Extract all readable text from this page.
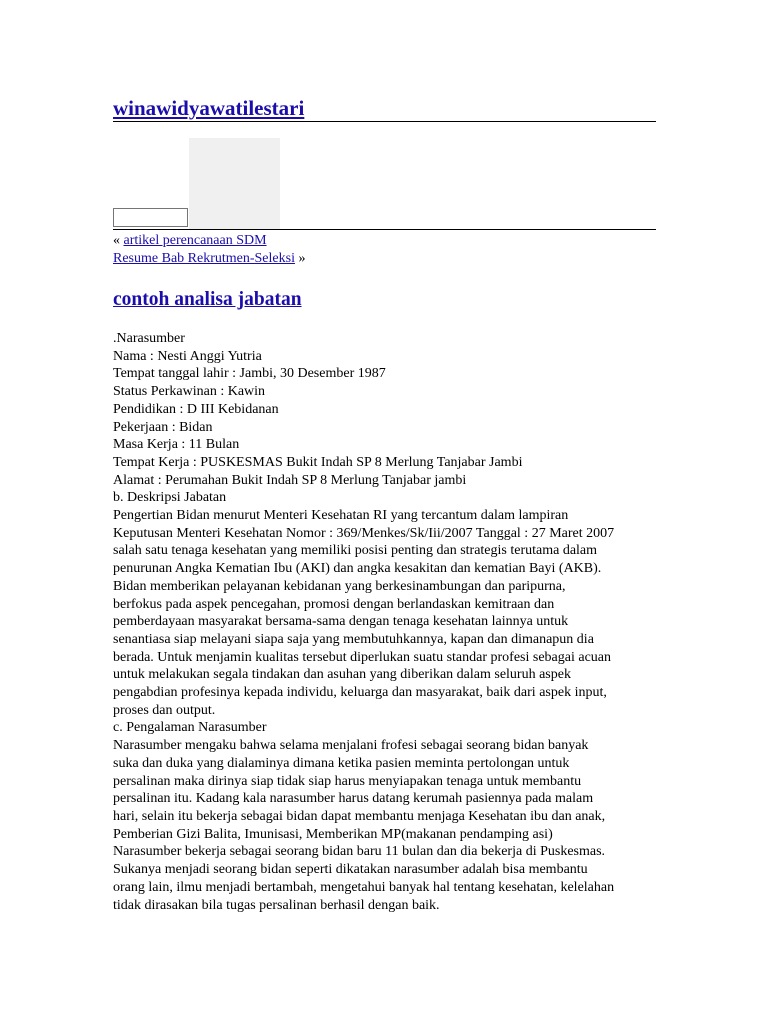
winawidyawatilestari
« artikel perencanaan SDM
Resume Bab Rekrutmen-Seleksi »
contoh analisa jabatan
.Narasumber
Nama : Nesti Anggi Yutria
Tempat tanggal lahir : Jambi, 30 Desember 1987
Status Perkawinan : Kawin
Pendidikan : D III Kebidanan
Pekerjaan : Bidan
Masa Kerja : 11 Bulan
Tempat Kerja : PUSKESMAS Bukit Indah SP 8 Merlung Tanjabar Jambi
Alamat : Perumahan Bukit Indah SP 8 Merlung Tanjabar jambi
b. Deskripsi Jabatan
Pengertian Bidan menurut Menteri Kesehatan RI yang tercantum dalam lampiran
Keputusan Menteri Kesehatan Nomor : 369/Menkes/Sk/Iii/2007 Tanggal : 27 Maret 2007
salah satu tenaga kesehatan yang memiliki posisi penting dan strategis terutama dalam
penurunan Angka Kematian Ibu (AKI) dan angka kesakitan dan kematian Bayi (AKB).
Bidan memberikan pelayanan kebidanan yang berkesinambungan dan paripurna,
berfokus pada aspek pencegahan, promosi dengan berlandaskan kemitraan dan
pemberdayaan masyarakat bersama-sama dengan tenaga kesehatan lainnya untuk
senantiasa siap melayani siapa saja yang membutuhkannya, kapan dan dimanapun dia
berada. Untuk menjamin kualitas tersebut diperlukan suatu standar profesi sebagai acuan
untuk melakukan segala tindakan dan asuhan yang diberikan dalam seluruh aspek
pengabdian profesinya kepada individu, keluarga dan masyarakat, baik dari aspek input,
proses dan output.
c. Pengalaman Narasumber
Narasumber mengaku bahwa selama menjalani frofesi sebagai seorang bidan banyak
suka dan duka yang dialaminya dimana ketika pasien meminta pertolongan untuk
persalinan maka dirinya siap tidak siap harus menyiapakan tenaga untuk membantu
persalinan itu. Kadang kala narasumber harus datang kerumah pasiennya pada malam
hari, selain itu bekerja sebagai bidan dapat membantu menjaga Kesehatan ibu dan anak,
Pemberian Gizi Balita, Imunisasi, Memberikan MP(makanan pendamping asi)
Narasumber bekerja sebagai seorang bidan baru 11 bulan dan dia bekerja di Puskesmas.
Sukanya menjadi seorang bidan seperti dikatakan narasumber adalah bisa membantu
orang lain, ilmu menjadi bertambah, mengetahui banyak hal tentang kesehatan, kelelahan
tidak dirasakan bila tugas persalinan berhasil dengan baik.
